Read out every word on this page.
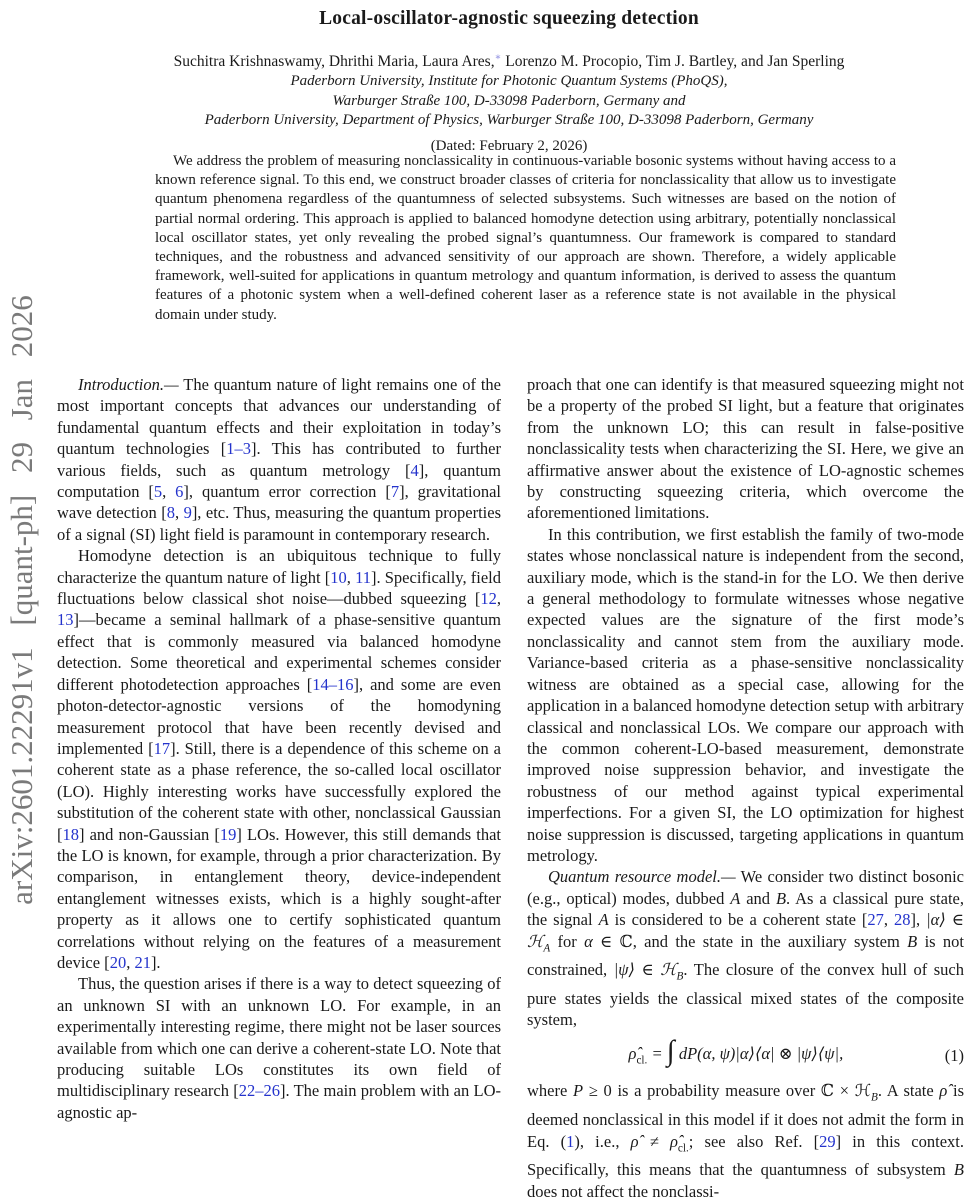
arXiv:2601.22291v1 [quant-ph] 29 Jan 2026
Local-oscillator-agnostic squeezing detection
Suchitra Krishnaswamy, Dhrithi Maria, Laura Ares,∗ Lorenzo M. Procopio, Tim J. Bartley, and Jan Sperling
Paderborn University, Institute for Photonic Quantum Systems (PhoQS),
Warburger Straße 100, D-33098 Paderborn, Germany and
Paderborn University, Department of Physics, Warburger Straße 100, D-33098 Paderborn, Germany
(Dated: February 2, 2026)

We address the problem of measuring nonclassicality in continuous-variable bosonic systems without having access to a known reference signal. To this end, we construct broader classes of criteria for nonclassicality that allow us to investigate quantum phenomena regardless of the quantumness of selected subsystems. Such witnesses are based on the notion of partial normal ordering. This approach is applied to balanced homodyne detection using arbitrary, potentially nonclassical local oscillator states, yet only revealing the probed signal’s quantumness. Our framework is compared to standard techniques, and the robustness and advanced sensitivity of our approach are shown. Therefore, a widely applicable framework, well-suited for applications in quantum metrology and quantum information, is derived to assess the quantum features of a photonic system when a well-defined coherent laser as a reference state is not available in the physical domain under study.

Introduction.— The quantum nature of light remains one of the most important concepts that advances our understanding of fundamental quantum effects and their exploitation in today’s quantum technologies [1–3]. This has contributed to further various fields, such as quantum metrology [4], quantum computation [5, 6], quantum error correction [7], gravitational wave detection [8, 9], etc. Thus, measuring the quantum properties of a signal (SI) light field is paramount in contemporary research.

Homodyne detection is an ubiquitous technique to fully characterize the quantum nature of light [10, 11]. Specifically, field fluctuations below classical shot noise—dubbed squeezing [12, 13]—became a seminal hallmark of a phase-sensitive quantum effect that is commonly measured via balanced homodyne detection. Some theoretical and experimental schemes consider different photodetection approaches [14–16], and some are even photon-detector-agnostic versions of the homodyning measurement protocol that have been recently devised and implemented [17]. Still, there is a dependence of this scheme on a coherent state as a phase reference, the so-called local oscillator (LO). Highly interesting works have successfully explored the substitution of the coherent state with other, nonclassical Gaussian [18] and non-Gaussian [19] LOs. However, this still demands that the LO is known, for example, through a prior characterization. By comparison, in entanglement theory, device-independent entanglement witnesses exists, which is a highly sought-after property as it allows one to certify sophisticated quantum correlations without relying on the features of a measurement device [20, 21].

Thus, the question arises if there is a way to detect squeezing of an unknown SI with an unknown LO. For example, in an experimentally interesting regime, there might not be laser sources available from which one can derive a coherent-state LO. Note that producing suitable LOs constitutes its own field of multidisciplinary research [22–26]. The main problem with an LO-agnostic ap-

proach that one can identify is that measured squeezing might not be a property of the probed SI light, but a feature that originates from the unknown LO; this can result in false-positive nonclassicality tests when characterizing the SI. Here, we give an affirmative answer about the existence of LO-agnostic schemes by constructing squeezing criteria, which overcome the aforementioned limitations.

In this contribution, we first establish the family of two-mode states whose nonclassical nature is independent from the second, auxiliary mode, which is the stand-in for the LO. We then derive a general methodology to formulate witnesses whose negative expected values are the signature of the first mode’s nonclassicality and cannot stem from the auxiliary mode. Variance-based criteria as a phase-sensitive nonclassicality witness are obtained as a special case, allowing for the application in a balanced homodyne detection setup with arbitrary classical and nonclassical LOs. We compare our approach with the common coherent-LO-based measurement, demonstrate improved noise suppression behavior, and investigate the robustness of our method against typical experimental imperfections. For a given SI, the LO optimization for highest noise suppression is discussed, targeting applications in quantum metrology.

Quantum resource model.— We consider two distinct bosonic (e.g., optical) modes, dubbed A and B. As a classical pure state, the signal A is considered to be a coherent state [27, 28], |α⟩ ∈ ℋ$_A$ for α ∈ ℂ, and the state in the auxiliary system B is not constrained, |ψ⟩ ∈ ℋ$_B$. The closure of the convex hull of such pure states yields the classical mixed states of the composite system,

$\rhô_{cl.}$ = ∫ dP(α, ψ)|α⟩⟨α| ⊗ |ψ⟩⟨ψ|,	(1)

where P ≥ 0 is a probability measure over ℂ × ℋ$_B$. A state ρ̂ is deemed nonclassical in this model if it does not admit the form in Eq. (1), i.e., ρ̂ ≠ $\rhô_{cl.}$; see also Ref. [29] in this context. Specifically, this means that the quantumness of subsystem B does not affect the nonclassi-
